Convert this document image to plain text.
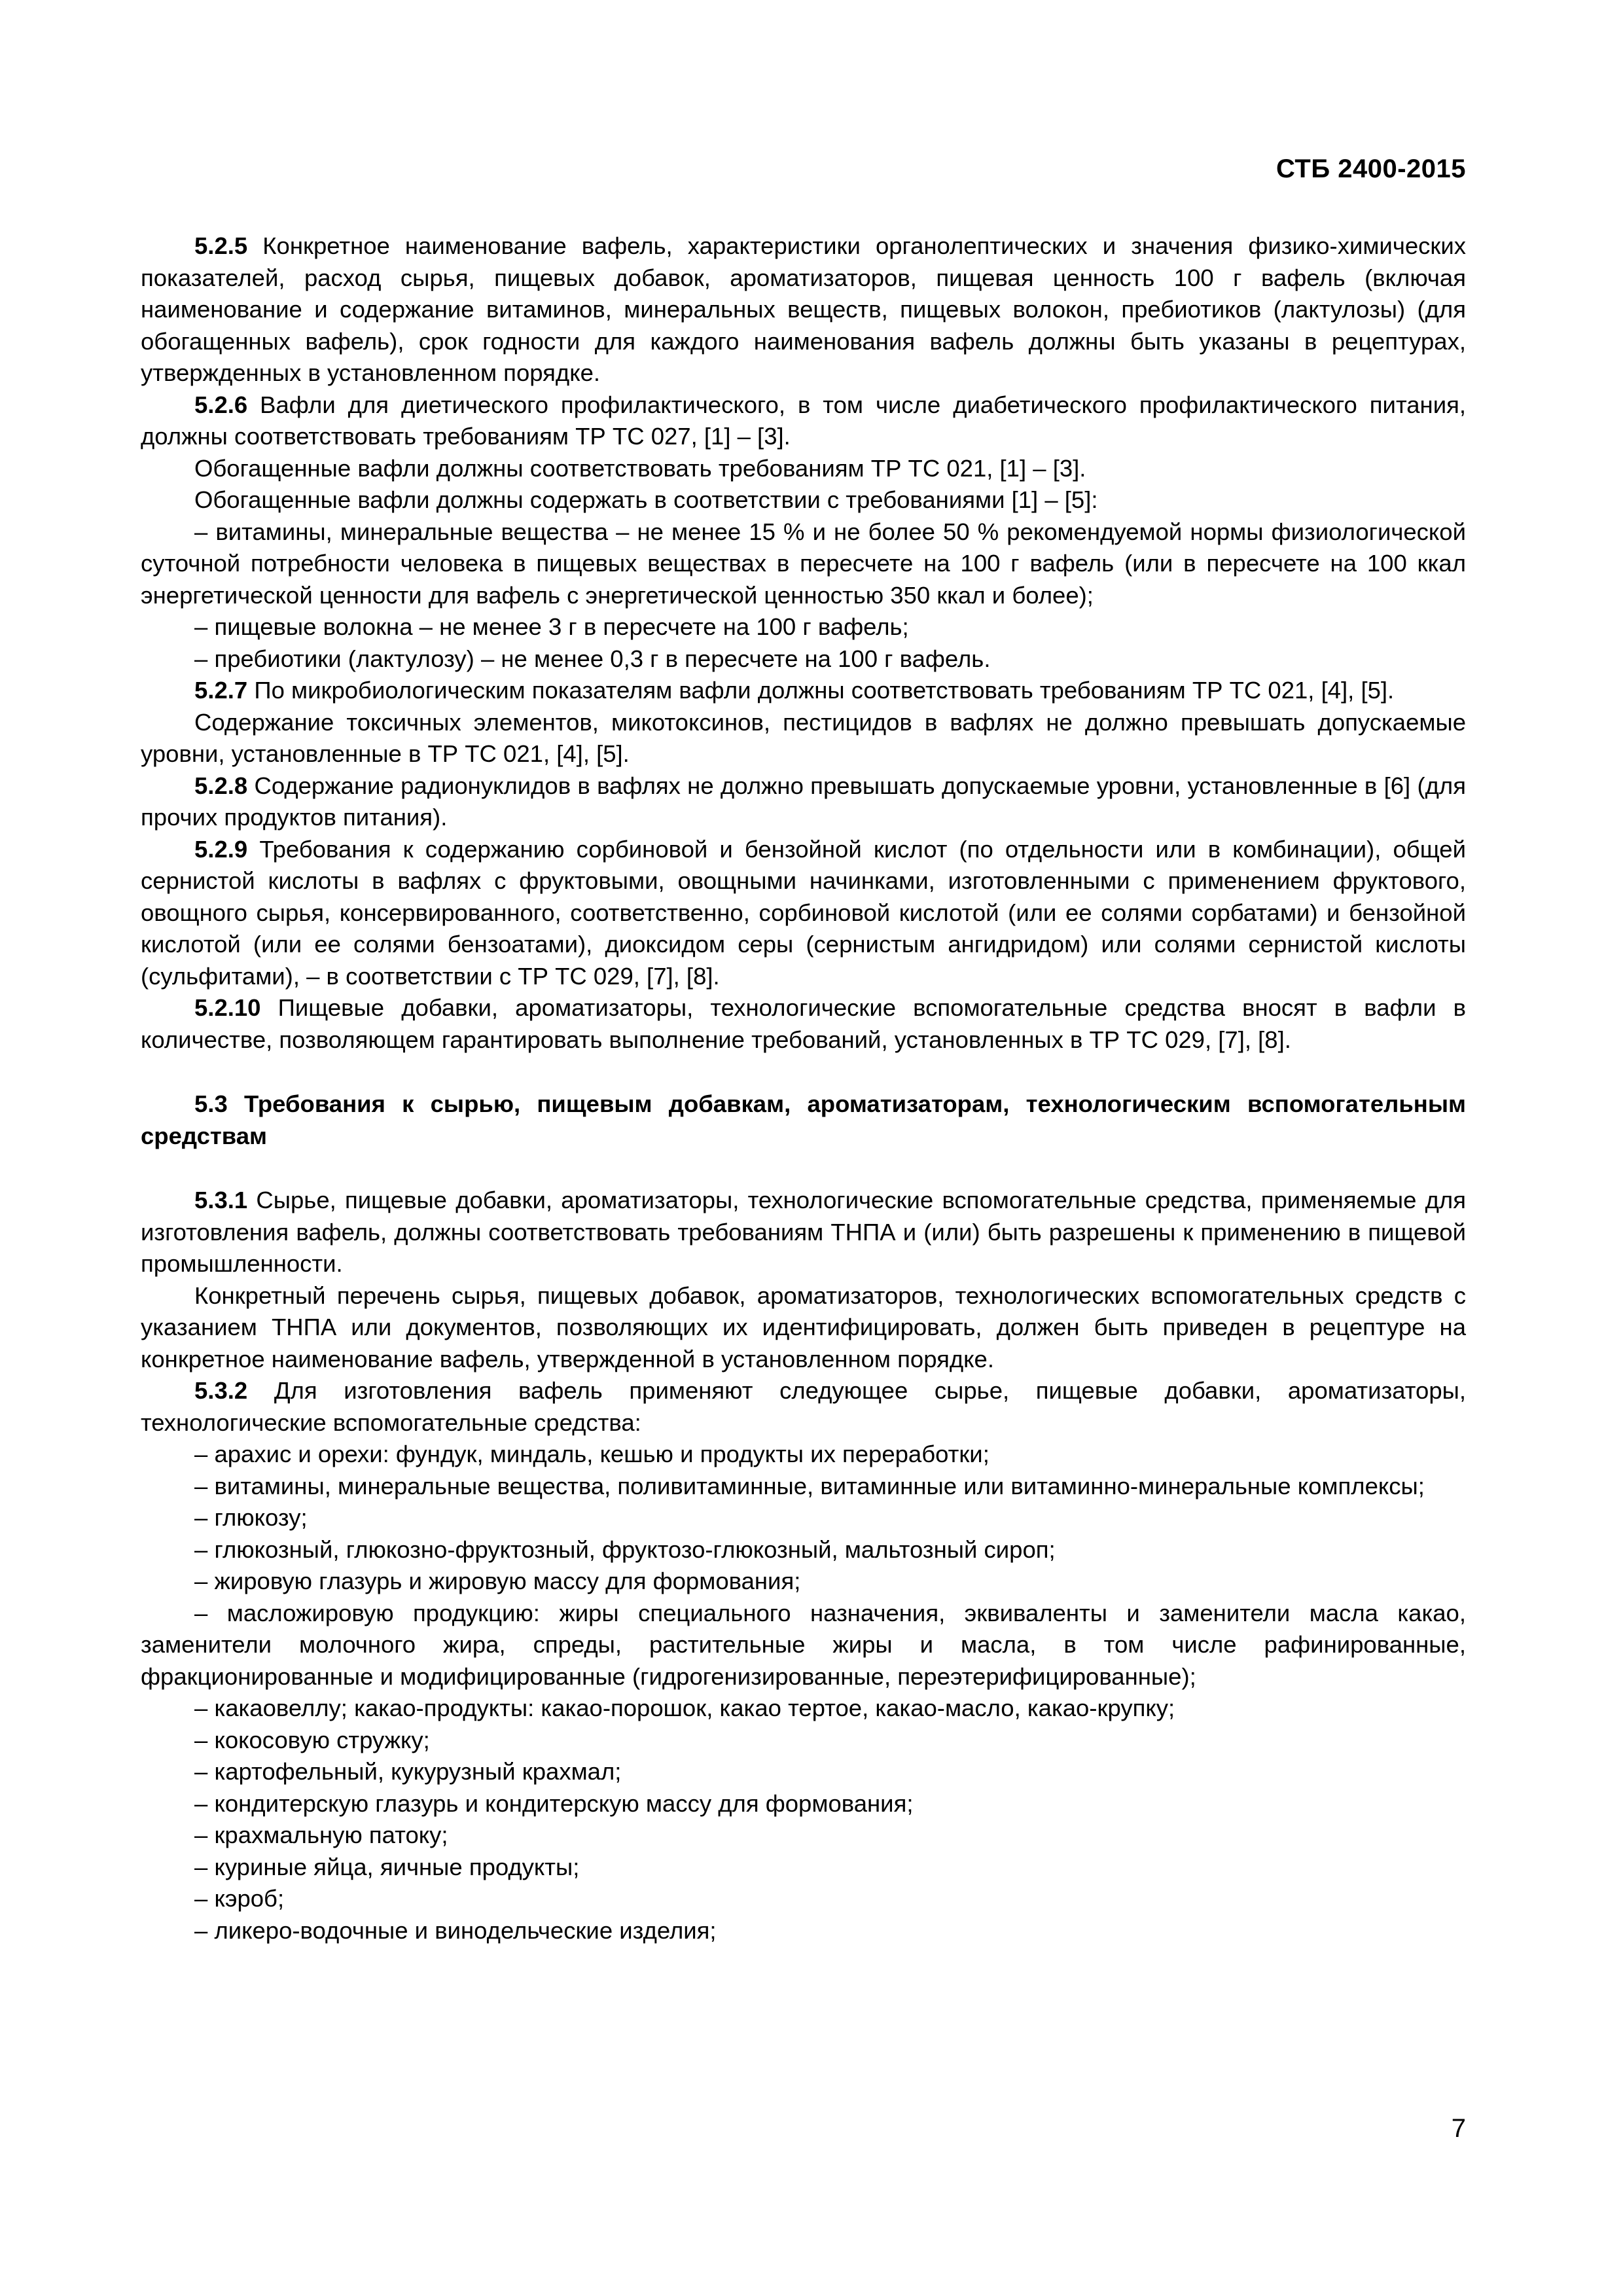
СТБ 2400-2015

5.2.5 Конкретное наименование вафель, характеристики органолептических и значения физико-химических показателей, расход сырья, пищевых добавок, ароматизаторов, пищевая ценность 100 г вафель (включая наименование и содержание витаминов, минеральных веществ, пищевых волокон, пребиотиков (лактулозы) (для обогащенных вафель), срок годности для каждого наименования вафель должны быть указаны в рецептурах, утвержденных в установленном порядке.

5.2.6 Вафли для диетического профилактического, в том числе диабетического профилактического питания, должны соответствовать требованиям ТР ТС 027, [1] – [3].

Обогащенные вафли должны соответствовать требованиям ТР ТС 021, [1] – [3].

Обогащенные вафли должны содержать в соответствии с требованиями [1] – [5]:

– витамины, минеральные вещества – не менее 15 % и не более 50 % рекомендуемой нормы физиологической суточной потребности человека в пищевых веществах в пересчете на 100 г вафель (или в пересчете на 100 ккал энергетической ценности для вафель с энергетической ценностью 350 ккал и более);

– пищевые волокна – не менее 3 г в пересчете на 100 г вафель;

– пребиотики (лактулозу) – не менее 0,3 г в пересчете на 100 г вафель.

5.2.7 По микробиологическим показателям вафли должны соответствовать требованиям ТР ТС 021, [4], [5].

Содержание токсичных элементов, микотоксинов, пестицидов в вафлях не должно превышать допускаемые уровни, установленные в ТР ТС 021, [4], [5].

5.2.8 Содержание радионуклидов в вафлях не должно превышать допускаемые уровни, установленные в [6] (для прочих продуктов питания).

5.2.9 Требования к содержанию сорбиновой и бензойной кислот (по отдельности или в комбинации), общей сернистой кислоты в вафлях с фруктовыми, овощными начинками, изготовленными с применением фруктового, овощного сырья, консервированного, соответственно, сорбиновой кислотой (или ее солями сорбатами) и бензойной кислотой (или ее солями бензоатами), диоксидом серы (сернистым ангидридом) или солями сернистой кислоты (сульфитами), – в соответствии с ТР ТС 029, [7], [8].

5.2.10 Пищевые добавки, ароматизаторы, технологические вспомогательные средства вносят в вафли в количестве, позволяющем гарантировать выполнение требований, установленных в ТР ТС 029, [7], [8].

5.3 Требования к сырью, пищевым добавкам, ароматизаторам, технологическим вспомогательным средствам

5.3.1 Сырье, пищевые добавки, ароматизаторы, технологические вспомогательные средства, применяемые для изготовления вафель, должны соответствовать требованиям ТНПА и (или) быть разрешены к применению в пищевой промышленности.

Конкретный перечень сырья, пищевых добавок, ароматизаторов, технологических вспомогательных средств с указанием ТНПА или документов, позволяющих их идентифицировать, должен быть приведен в рецептуре на конкретное наименование вафель, утвержденной в установленном порядке.

5.3.2 Для изготовления вафель применяют следующее сырье, пищевые добавки, ароматизаторы, технологические вспомогательные средства:

– арахис и орехи: фундук, миндаль, кешью и продукты их переработки;

– витамины, минеральные вещества, поливитаминные, витаминные или витаминно-минеральные комплексы;

– глюкозу;

– глюкозный, глюкозно-фруктозный, фруктозо-глюкозный, мальтозный сироп;

– жировую глазурь и жировую массу для формования;

– масложировую продукцию: жиры специального назначения, эквиваленты и заменители масла какао, заменители молочного жира, спреды, растительные жиры и масла, в том числе рафинированные, фракционированные и модифицированные (гидрогенизированные, переэтерифицированные);

– какаовеллу; какао-продукты: какао-порошок, какао тертое, какао-масло, какао-крупку;

– кокосовую стружку;

– картофельный, кукурузный крахмал;

– кондитерскую глазурь и кондитерскую массу для формования;

– крахмальную патоку;

– куриные яйца, яичные продукты;

– кэроб;

– ликеро-водочные и винодельческие изделия;

7
